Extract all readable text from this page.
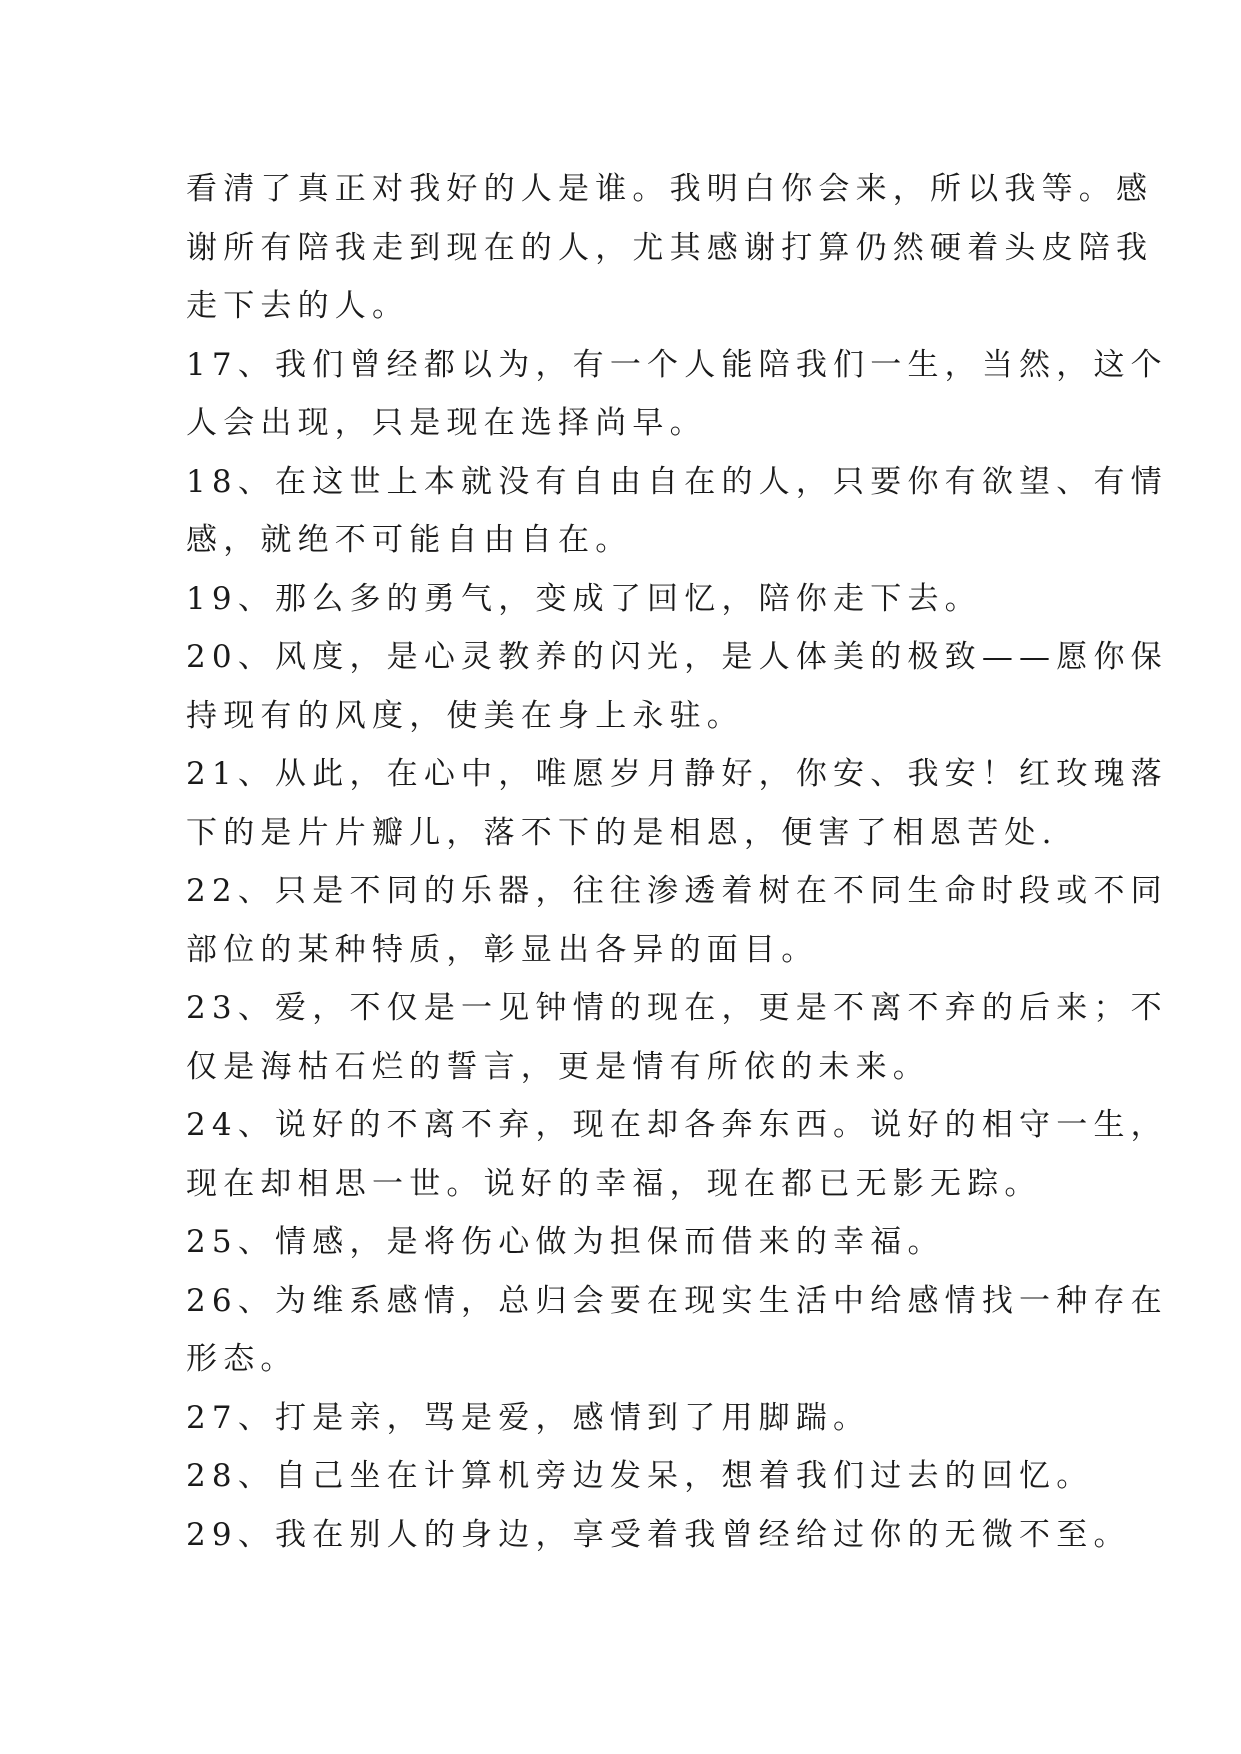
看清了真正对我好的人是谁。我明白你会来，所以我等。感
谢所有陪我走到现在的人，尤其感谢打算仍然硬着头皮陪我
走下去的人。
17、我们曾经都以为，有一个人能陪我们一生，当然，这个
人会出现，只是现在选择尚早。
18、在这世上本就没有自由自在的人，只要你有欲望、有情
感，就绝不可能自由自在。
19、那么多的勇气，变成了回忆，陪你走下去。
20、风度，是心灵教养的闪光，是人体美的极致——愿你保
持现有的风度，使美在身上永驻。
21、从此，在心中，唯愿岁月静好，你安、我安！红玫瑰落
下的是片片瓣儿，落不下的是相恩，便害了相恩苦处.
22、只是不同的乐器，往往渗透着树在不同生命时段或不同
部位的某种特质，彰显出各异的面目。
23、爱，不仅是一见钟情的现在，更是不离不弃的后来；不
仅是海枯石烂的誓言，更是情有所依的未来。
24、说好的不离不弃，现在却各奔东西。说好的相守一生，
现在却相思一世。说好的幸福，现在都已无影无踪。
25、情感，是将伤心做为担保而借来的幸福。
26、为维系感情，总归会要在现实生活中给感情找一种存在
形态。
27、打是亲，骂是爱，感情到了用脚踹。
28、自己坐在计算机旁边发呆，想着我们过去的回忆。
29、我在别人的身边，享受着我曾经给过你的无微不至。
